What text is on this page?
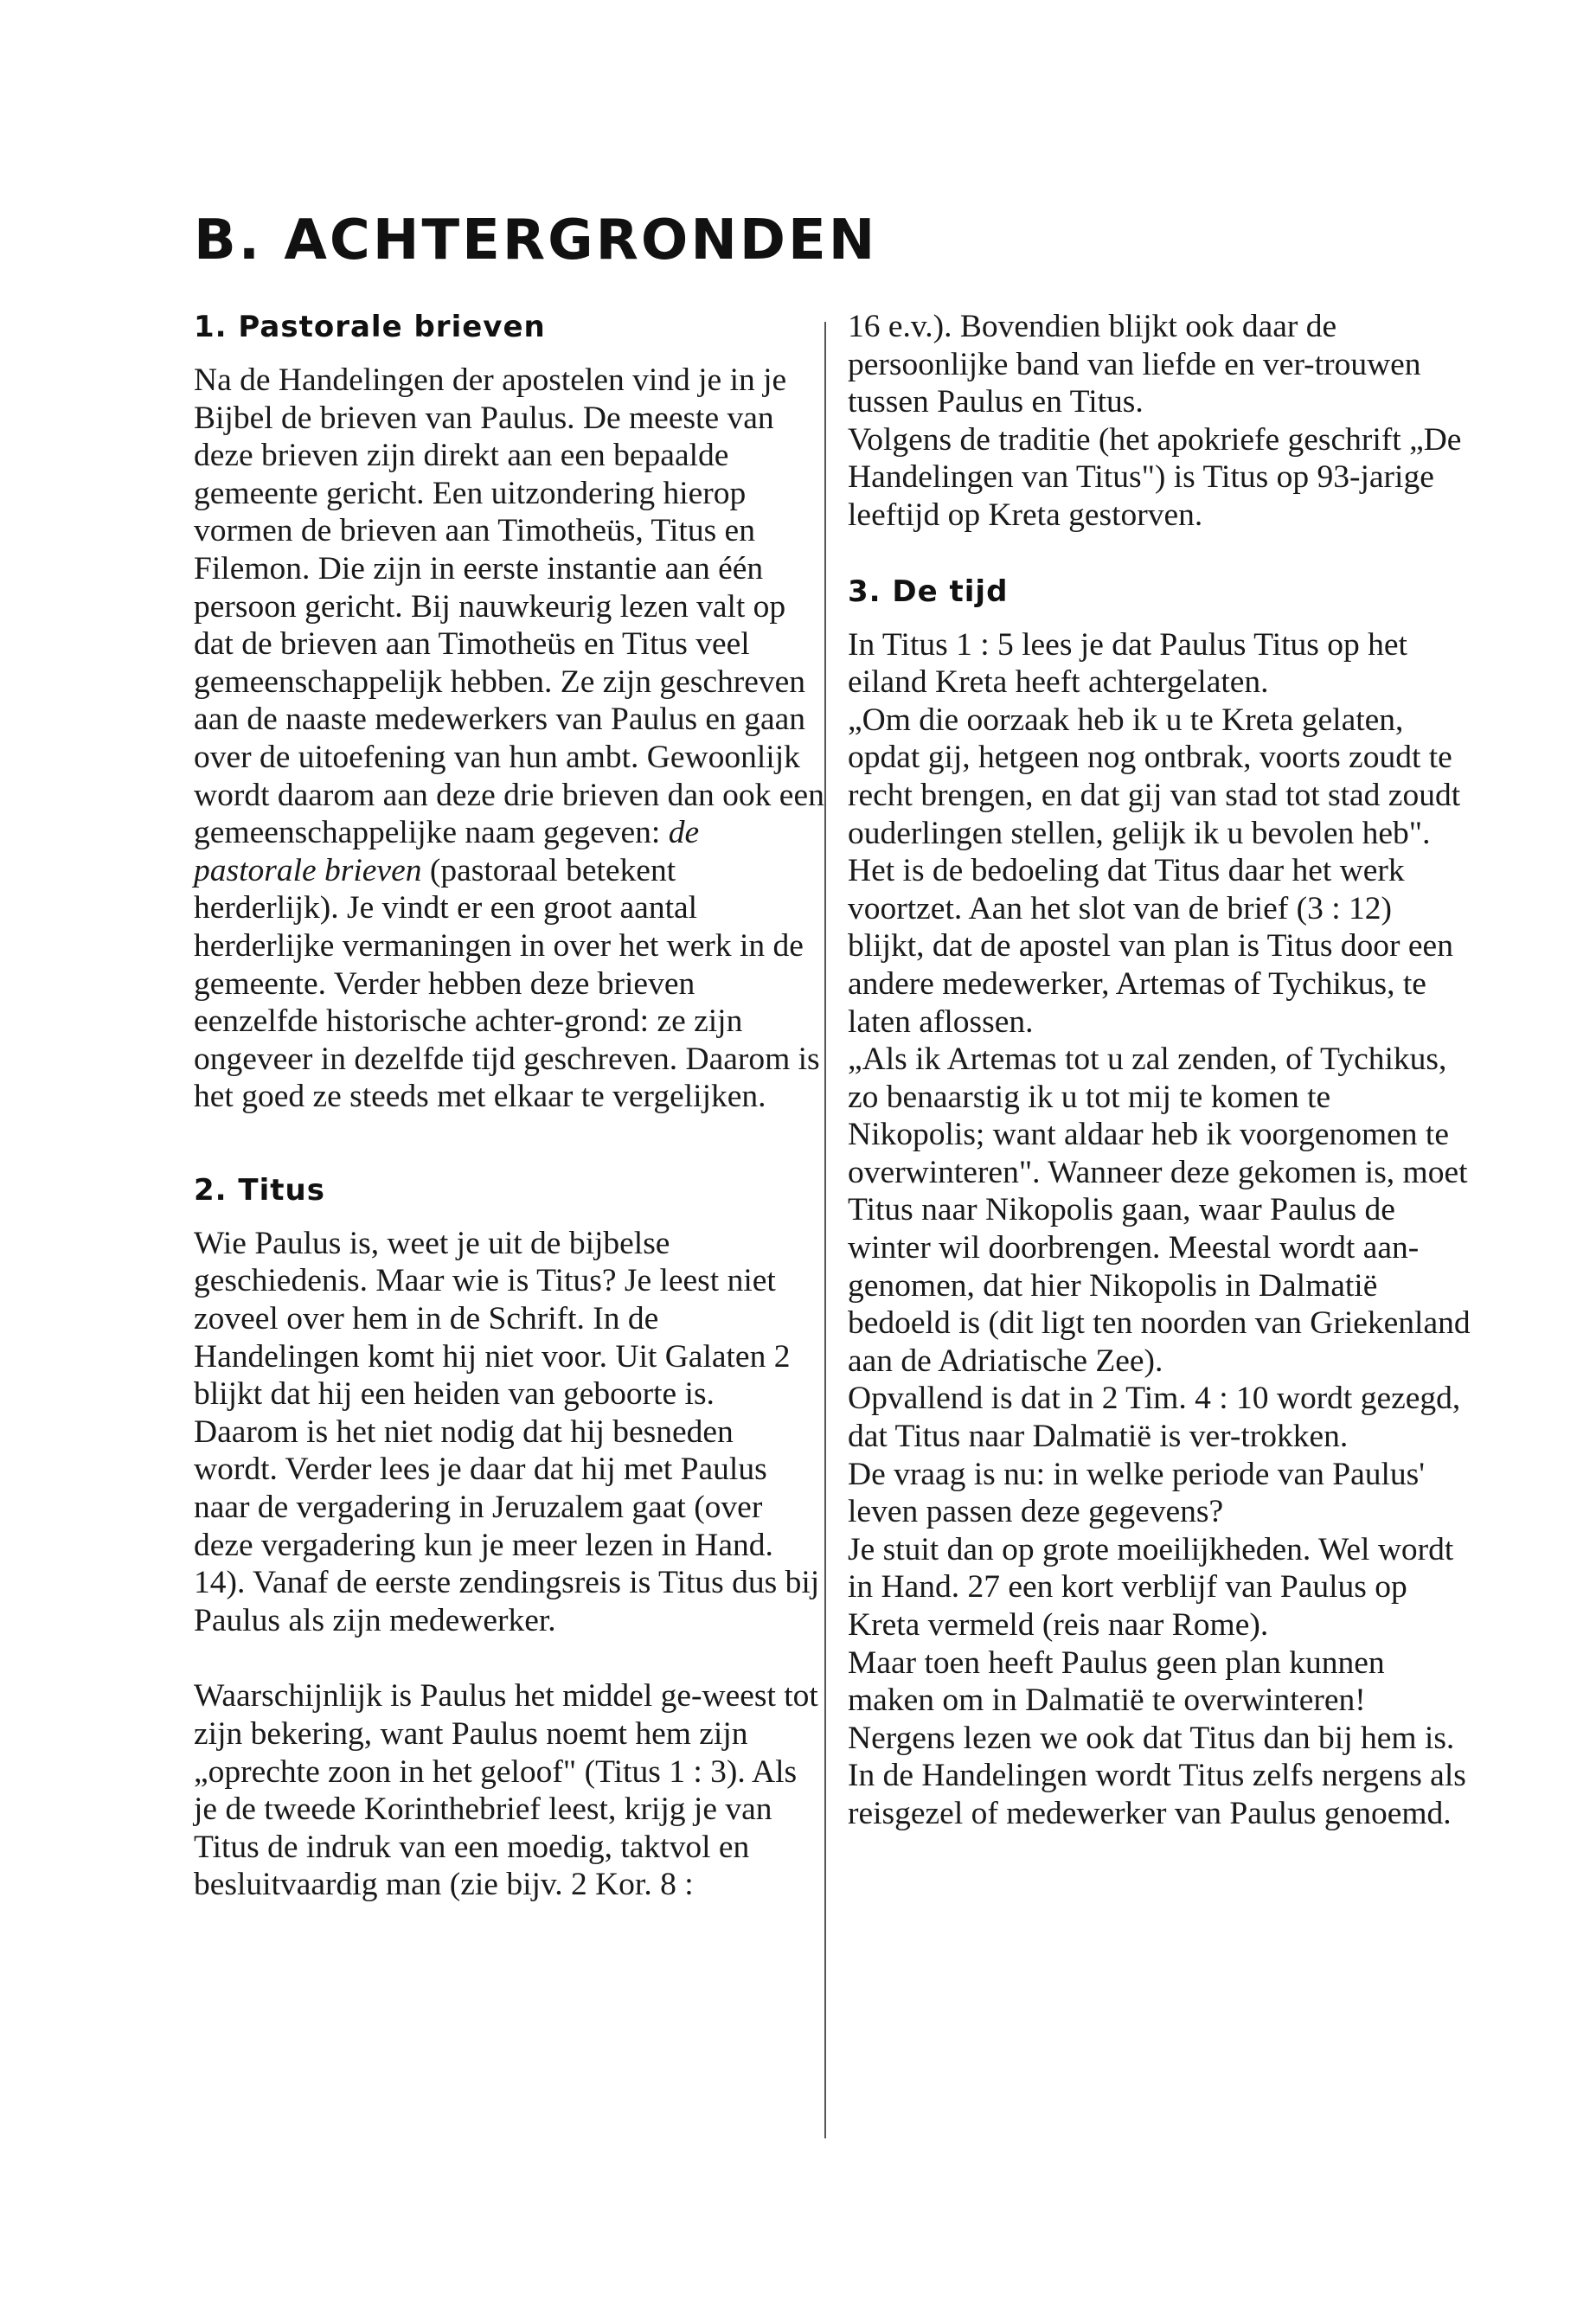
B. ACHTERGRONDEN
1. Pastorale brieven

Na de Handelingen der apostelen vind je in je Bijbel de brieven van Paulus. De meeste van deze brieven zijn direkt aan een bepaalde gemeente gericht. Een uitzondering hierop vormen de brieven aan Timotheüs, Titus en Filemon. Die zijn in eerste instantie aan één persoon gericht. Bij nauwkeurig lezen valt op dat de brieven aan Timotheüs en Titus veel gemeenschappelijk hebben. Ze zijn geschreven aan de naaste medewerkers van Paulus en gaan over de uitoefening van hun ambt. Gewoonlijk wordt daarom aan deze drie brieven dan ook een gemeenschappelijke naam gegeven: de pastorale brieven (pastoraal betekent herderlijk). Je vindt er een groot aantal herderlijke vermaningen in over het werk in de gemeente. Verder hebben deze brieven eenzelfde historische achter-grond: ze zijn ongeveer in dezelfde tijd geschreven. Daarom is het goed ze steeds met elkaar te vergelijken.

2. Titus

Wie Paulus is, weet je uit de bijbelse geschiedenis. Maar wie is Titus? Je leest niet zoveel over hem in de Schrift. In de Handelingen komt hij niet voor. Uit Galaten 2 blijkt dat hij een heiden van geboorte is. Daarom is het niet nodig dat hij besneden wordt. Verder lees je daar dat hij met Paulus naar de vergadering in Jeruzalem gaat (over deze vergadering kun je meer lezen in Hand. 14). Vanaf de eerste zendingsreis is Titus dus bij Paulus als zijn medewerker.

Waarschijnlijk is Paulus het middel ge-weest tot zijn bekering, want Paulus noemt hem zijn „oprechte zoon in het geloof" (Titus 1 : 3). Als je de tweede Korinthebrief leest, krijg je van Titus de indruk van een moedig, taktvol en besluitvaardig man (zie bijv. 2 Kor. 8 :

16 e.v.). Bovendien blijkt ook daar de persoonlijke band van liefde en ver-trouwen tussen Paulus en Titus.

Volgens de traditie (het apokriefe geschrift „De Handelingen van Titus") is Titus op 93-jarige leeftijd op Kreta gestorven.

3. De tijd

In Titus 1 : 5 lees je dat Paulus Titus op het eiland Kreta heeft achtergelaten.

„Om die oorzaak heb ik u te Kreta gelaten, opdat gij, hetgeen nog ontbrak, voorts zoudt te recht brengen, en dat gij van stad tot stad zoudt ouderlingen stellen, gelijk ik u bevolen heb".

Het is de bedoeling dat Titus daar het werk voortzet. Aan het slot van de brief (3 : 12) blijkt, dat de apostel van plan is Titus door een andere medewerker, Artemas of Tychikus, te laten aflossen.

„Als ik Artemas tot u zal zenden, of Tychikus, zo benaarstig ik u tot mij te komen te Nikopolis; want aldaar heb ik voorgenomen te overwinteren". Wanneer deze gekomen is, moet Titus naar Nikopolis gaan, waar Paulus de winter wil doorbrengen. Meestal wordt aan-genomen, dat hier Nikopolis in Dalmatië bedoeld is (dit ligt ten noorden van Griekenland aan de Adriatische Zee).

Opvallend is dat in 2 Tim. 4 : 10 wordt gezegd, dat Titus naar Dalmatië is ver-trokken.

De vraag is nu: in welke periode van Paulus' leven passen deze gegevens?

Je stuit dan op grote moeilijkheden. Wel wordt in Hand. 27 een kort verblijf van Paulus op Kreta vermeld (reis naar Rome).

Maar toen heeft Paulus geen plan kunnen maken om in Dalmatië te overwinteren!

Nergens lezen we ook dat Titus dan bij hem is. In de Handelingen wordt Titus zelfs nergens als reisgezel of medewerker van Paulus genoemd.
